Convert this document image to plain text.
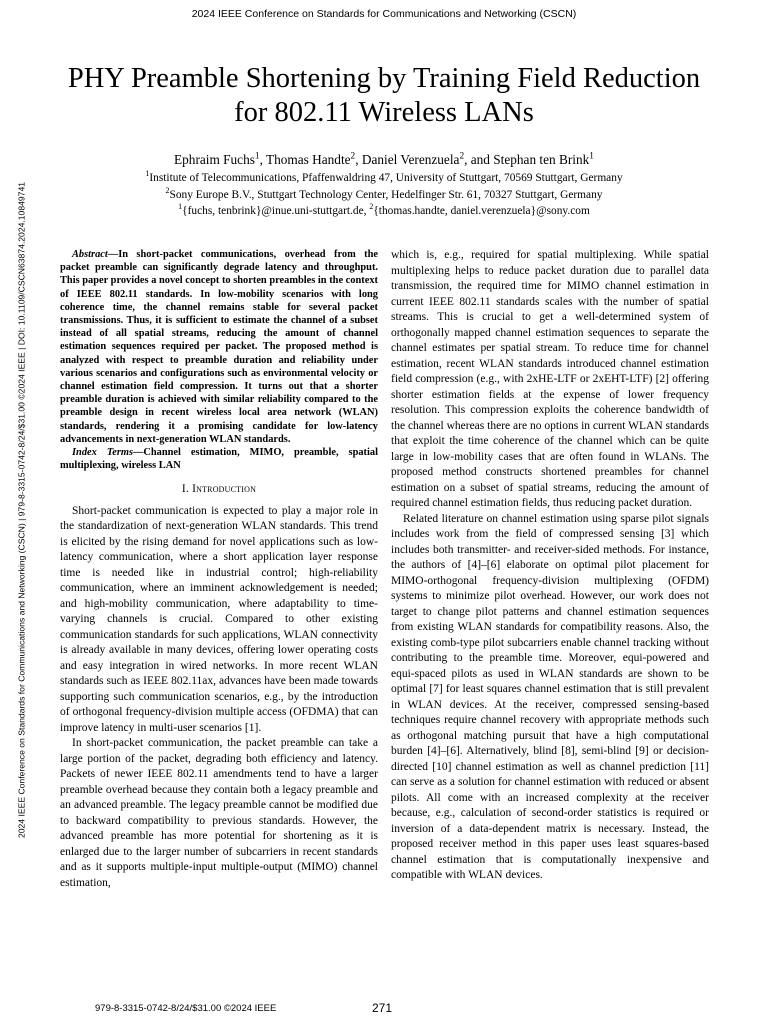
2024 IEEE Conference on Standards for Communications and Networking (CSCN)
2024 IEEE Conference on Standards for Communications and Networking (CSCN) | 979-8-3315-0742-8/24/$31.00 ©2024 IEEE | DOI: 10.1109/CSCN63874.2024.10849741
PHY Preamble Shortening by Training Field Reduction for 802.11 Wireless LANs
Ephraim Fuchs$^1$, Thomas Handte$^2$, Daniel Verenzuela$^2$, and Stephan ten Brink$^1$
$^1$Institute of Telecommunications, Pfaffenwaldring 47, University of Stuttgart, 70569 Stuttgart, Germany
$^2$Sony Europe B.V., Stuttgart Technology Center, Hedelfinger Str. 61, 70327 Stuttgart, Germany
$^1${fuchs, tenbrink}@inue.uni-stuttgart.de, $^2${thomas.handte, daniel.verenzuela}@sony.com

Abstract—In short-packet communications, overhead from the packet preamble can significantly degrade latency and throughput. This paper provides a novel concept to shorten preambles in the context of IEEE 802.11 standards. In low-mobility scenarios with long coherence time, the channel remains stable for several packet transmissions. Thus, it is sufficient to estimate the channel of a subset instead of all spatial streams, reducing the amount of channel estimation sequences required per packet. The proposed method is analyzed with respect to preamble duration and reliability under various scenarios and configurations such as environmental velocity or channel estimation field compression. It turns out that a shorter preamble duration is achieved with similar reliability compared to the preamble design in recent wireless local area network (WLAN) standards, rendering it a promising candidate for low-latency advancements in next-generation WLAN standards.

Index Terms—Channel estimation, MIMO, preamble, spatial multiplexing, wireless LAN

I. Introduction

Short-packet communication is expected to play a major role in the standardization of next-generation WLAN standards. This trend is elicited by the rising demand for novel applications such as low-latency communication, where a short application layer response time is needed like in industrial control; high-reliability communication, where an imminent acknowledgement is needed; and high-mobility communication, where adaptability to time-varying channels is crucial. Compared to other existing communication standards for such applications, WLAN connectivity is already available in many devices, offering lower operating costs and easy integration in wired networks. In more recent WLAN standards such as IEEE 802.11ax, advances have been made towards supporting such communication scenarios, e.g., by the introduction of orthogonal frequency-division multiple access (OFDMA) that can improve latency in multi-user scenarios [1].

In short-packet communication, the packet preamble can take a large portion of the packet, degrading both efficiency and latency. Packets of newer IEEE 802.11 amendments tend to have a larger preamble overhead because they contain both a legacy preamble and an advanced preamble. The legacy preamble cannot be modified due to backward compatibility to previous standards. However, the advanced preamble has more potential for shortening as it is enlarged due to the larger number of subcarriers in recent standards and as it supports multiple-input multiple-output (MIMO) channel estimation,

which is, e.g., required for spatial multiplexing. While spatial multiplexing helps to reduce packet duration due to parallel data transmission, the required time for MIMO channel estimation in current IEEE 802.11 standards scales with the number of spatial streams. This is crucial to get a well-determined system of orthogonally mapped channel estimation sequences to separate the channel estimates per spatial stream. To reduce time for channel estimation, recent WLAN standards introduced channel estimation field compression (e.g., with 2xHE-LTF or 2xEHT-LTF) [2] offering shorter estimation fields at the expense of lower frequency resolution. This compression exploits the coherence bandwidth of the channel whereas there are no options in current WLAN standards that exploit the time coherence of the channel which can be quite large in low-mobility cases that are often found in WLANs. The proposed method constructs shortened preambles for channel estimation on a subset of spatial streams, reducing the amount of required channel estimation fields, thus reducing packet duration.

Related literature on channel estimation using sparse pilot signals includes work from the field of compressed sensing [3] which includes both transmitter- and receiver-sided methods. For instance, the authors of [4]–[6] elaborate on optimal pilot placement for MIMO-orthogonal frequency-division multiplexing (OFDM) systems to minimize pilot overhead. However, our work does not target to change pilot patterns and channel estimation sequences from existing WLAN standards for compatibility reasons. Also, the existing comb-type pilot subcarriers enable channel tracking without contributing to the preamble time. Moreover, equi-powered and equi-spaced pilots as used in WLAN standards are shown to be optimal [7] for least squares channel estimation that is still prevalent in WLAN devices. At the receiver, compressed sensing-based techniques require channel recovery with appropriate methods such as orthogonal matching pursuit that have a high computational burden [4]–[6]. Alternatively, blind [8], semi-blind [9] or decision-directed [10] channel estimation as well as channel prediction [11] can serve as a solution for channel estimation with reduced or absent pilots. All come with an increased complexity at the receiver because, e.g., calculation of second-order statistics is required or inversion of a data-dependent matrix is necessary. Instead, the proposed receiver method in this paper uses least squares-based channel estimation that is computationally inexpensive and compatible with WLAN devices.

979-8-3315-0742-8/24/$31.00 ©2024 IEEE	271
